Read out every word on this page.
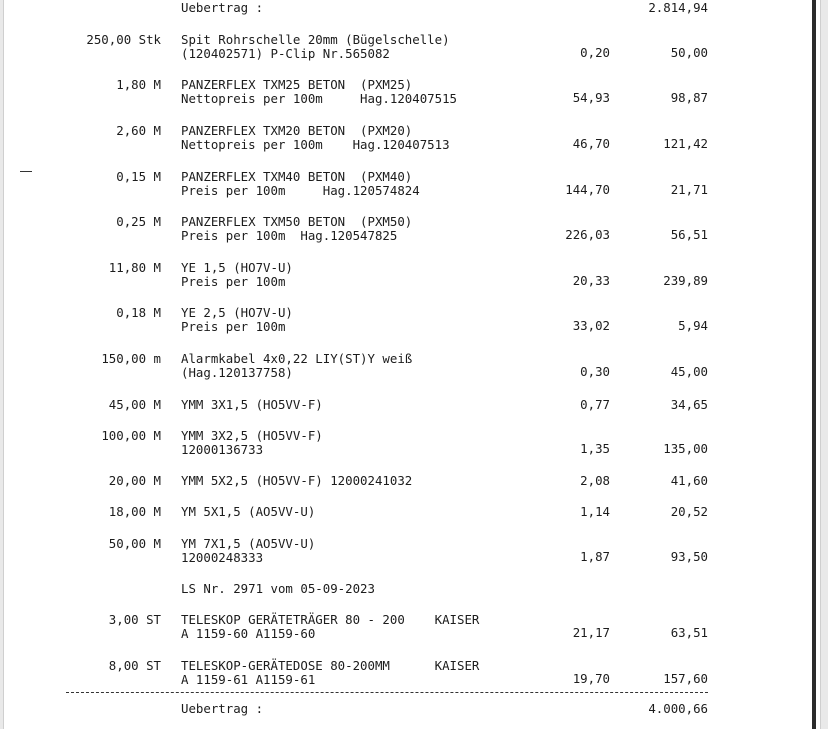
Uebertrag :	2.814,94
250,00 Stk Spit Rohrschelle 20mm (Bügelschelle)
(120402571) P-Clip Nr.565082	0,20	50,00
1,80 M PANZERFLEX TXM25 BETON  (PXM25)
Nettopreis per 100m     Hag.120407515	54,93	98,87
2,60 M PANZERFLEX TXM20 BETON  (PXM20)
Nettopreis per 100m    Hag.120407513	46,70	121,42
0,15 M PANZERFLEX TXM40 BETON  (PXM40)
Preis per 100m     Hag.120574824	144,70	21,71
0,25 M PANZERFLEX TXM50 BETON  (PXM50)
Preis per 100m  Hag.120547825	226,03	56,51
11,80 M YE 1,5 (HO7V-U)
Preis per 100m	20,33	239,89
0,18 M YE 2,5 (HO7V-U)
Preis per 100m	33,02	5,94
150,00 m Alarmkabel 4x0,22 LIY(ST)Y weiß
(Hag.120137758)	0,30	45,00
45,00 M YMM 3X1,5 (HO5VV-F)	0,77	34,65
100,00 M YMM 3X2,5 (HO5VV-F)
12000136733	1,35	135,00
20,00 M YMM 5X2,5 (HO5VV-F) 12000241032	2,08	41,60
18,00 M YM 5X1,5 (AO5VV-U)	1,14	20,52
50,00 M YM 7X1,5 (AO5VV-U)
12000248333	1,87	93,50
LS Nr. 2971 vom 05-09-2023
3,00 ST TELESKOP GERÄTETRÄGER 80 - 200    KAISER
A 1159-60 A1159-60	21,17	63,51
8,00 ST TELESKOP-GERÄTEDOSE 80-200MM      KAISER
A 1159-61 A1159-61	19,70	157,60
Uebertrag :	4.000,66
